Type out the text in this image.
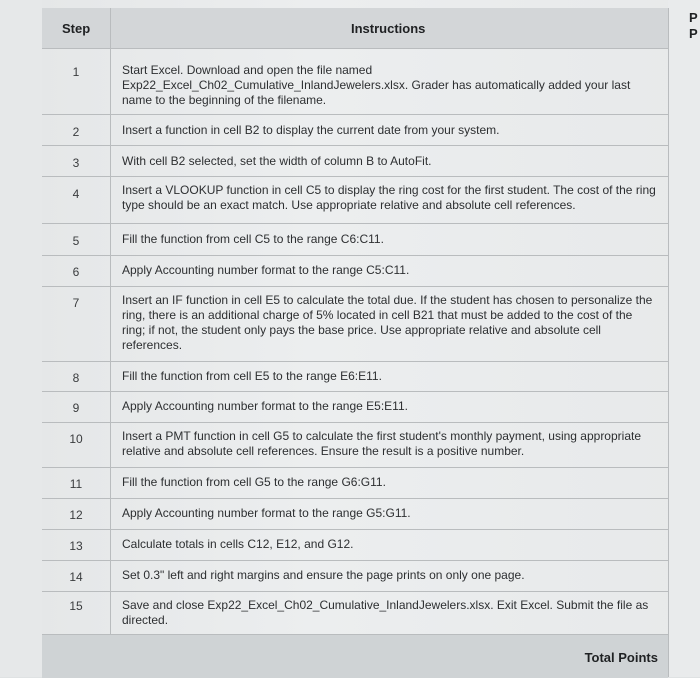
Step	Instructions
P
P
1	Start Excel. Download and open the file named Exp22_Excel_Ch02_Cumulative_InlandJewelers.xlsx. Grader has automatically added your last name to the beginning of the filename.
2	Insert a function in cell B2 to display the current date from your system.
3	With cell B2 selected, set the width of column B to AutoFit.
4	Insert a VLOOKUP function in cell C5 to display the ring cost for the first student. The cost of the ring type should be an exact match. Use appropriate relative and absolute cell references.
5	Fill the function from cell C5 to the range C6:C11.
6	Apply Accounting number format to the range C5:C11.
7	Insert an IF function in cell E5 to calculate the total due. If the student has chosen to personalize the ring, there is an additional charge of 5% located in cell B21 that must be added to the cost of the ring; if not, the student only pays the base price. Use appropriate relative and absolute cell references.
8	Fill the function from cell E5 to the range E6:E11.
9	Apply Accounting number format to the range E5:E11.
10	Insert a PMT function in cell G5 to calculate the first student's monthly payment, using appropriate relative and absolute cell references. Ensure the result is a positive number.
11	Fill the function from cell G5 to the range G6:G11.
12	Apply Accounting number format to the range G5:G11.
13	Calculate totals in cells C12, E12, and G12.
14	Set 0.3" left and right margins and ensure the page prints on only one page.
15	Save and close Exp22_Excel_Ch02_Cumulative_InlandJewelers.xlsx. Exit Excel. Submit the file as directed.
Total Points
